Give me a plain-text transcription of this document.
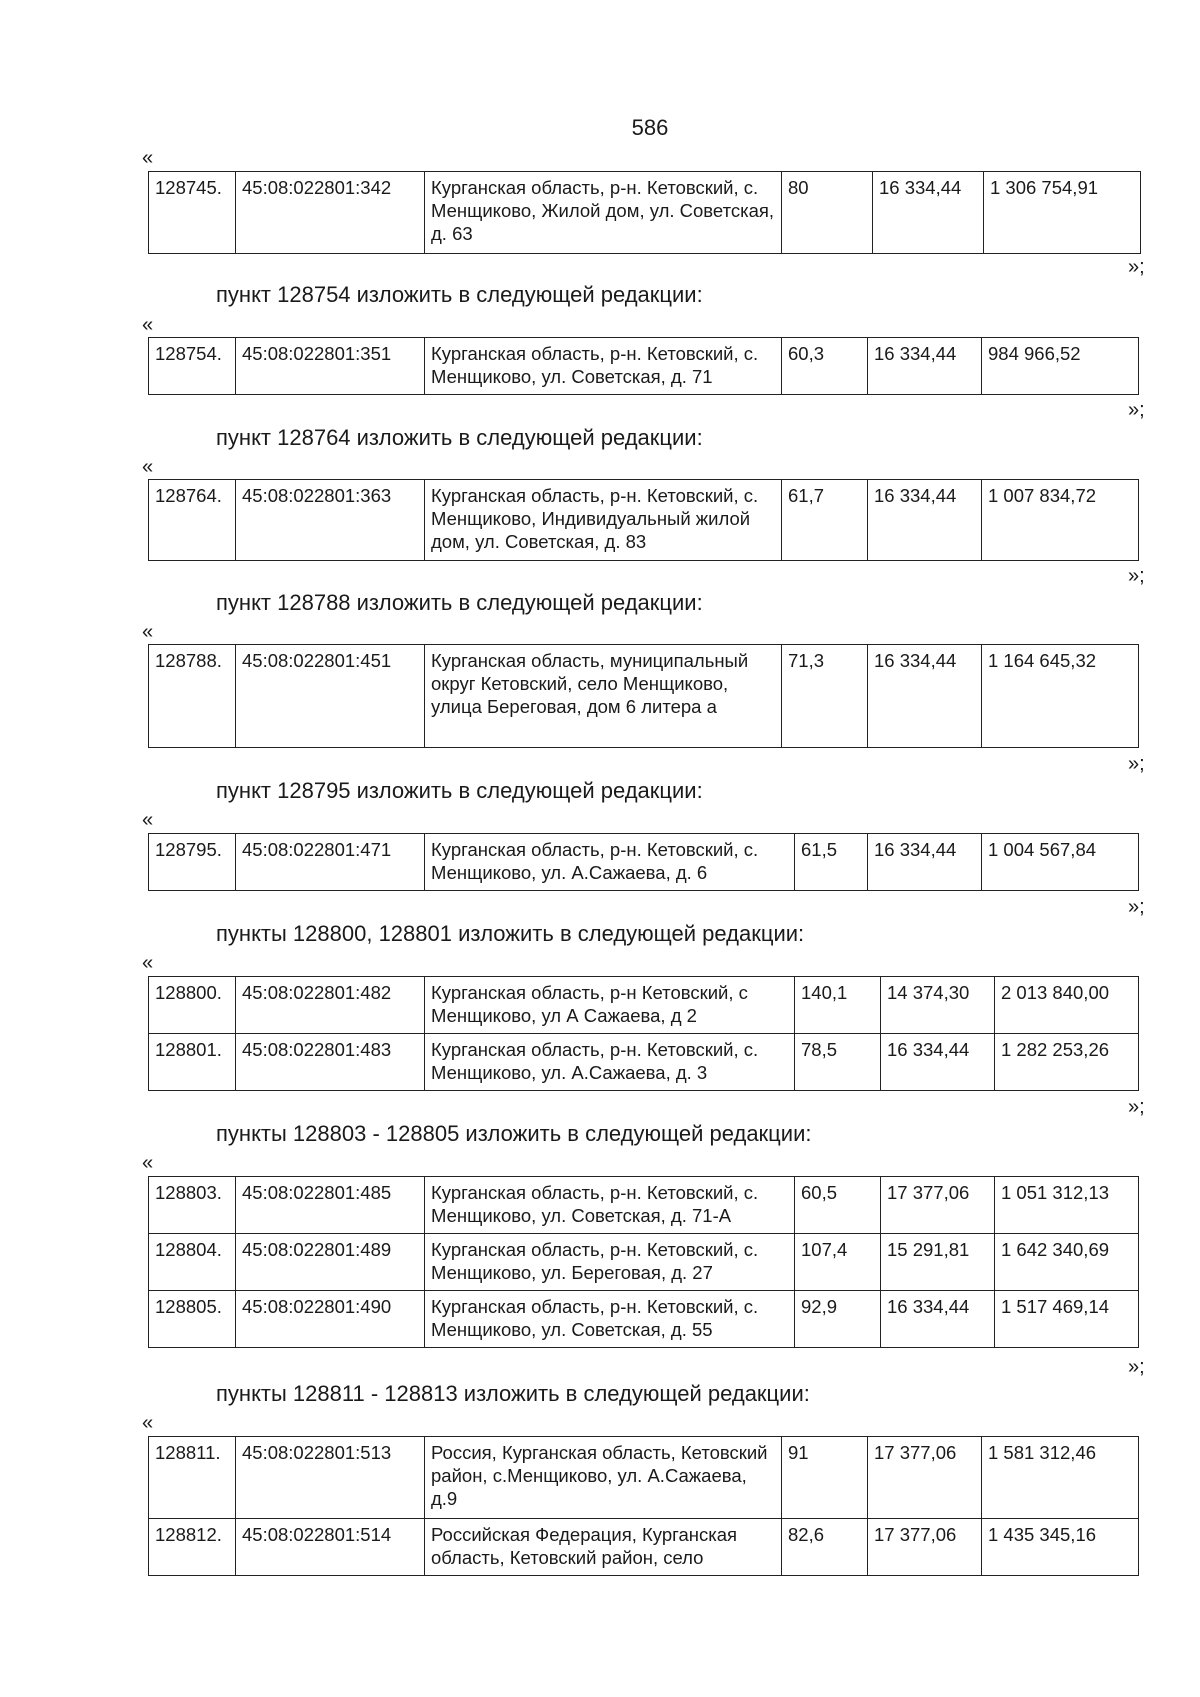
586
«
128745.	45:08:022801:342	Курганская область, р-н. Кетовский, с. Менщиково, Жилой дом, ул. Советская, д. 63	80	16 334,44	1 306 754,91
»;
пункт 128754 изложить в следующей редакции:
«
128754.	45:08:022801:351	Курганская область, р-н. Кетовский, с. Менщиково, ул. Советская, д. 71	60,3	16 334,44	984 966,52
»;
пункт 128764 изложить в следующей редакции:
«
128764.	45:08:022801:363	Курганская область, р-н. Кетовский, с. Менщиково, Индивидуальный жилой дом, ул. Советская, д. 83	61,7	16 334,44	1 007 834,72
»;
пункт 128788 изложить в следующей редакции:
«
128788.	45:08:022801:451	Курганская область, муниципальный округ Кетовский, село Менщиково, улица Береговая, дом 6 литера а	71,3	16 334,44	1 164 645,32
»;
пункт 128795 изложить в следующей редакции:
«
128795.	45:08:022801:471	Курганская область, р-н. Кетовский, с. Менщиково, ул. А.Сажаева, д. 6	61,5	16 334,44	1 004 567,84
»;
пункты 128800, 128801 изложить в следующей редакции:
«
128800.	45:08:022801:482	Курганская область, р-н Кетовский, с Менщиково, ул А Сажаева, д 2	140,1	14 374,30	2 013 840,00
128801.	45:08:022801:483	Курганская область, р-н. Кетовский, с. Менщиково, ул. А.Сажаева, д. 3	78,5	16 334,44	1 282 253,26
»;
пункты 128803 - 128805 изложить в следующей редакции:
«
128803.	45:08:022801:485	Курганская область, р-н. Кетовский, с. Менщиково, ул. Советская, д. 71-А	60,5	17 377,06	1 051 312,13
128804.	45:08:022801:489	Курганская область, р-н. Кетовский, с. Менщиково, ул. Береговая, д. 27	107,4	15 291,81	1 642 340,69
128805.	45:08:022801:490	Курганская область, р-н. Кетовский, с. Менщиково, ул. Советская, д. 55	92,9	16 334,44	1 517 469,14
»;
пункты 128811 - 128813 изложить в следующей редакции:
«
128811.	45:08:022801:513	Россия, Курганская область, Кетовский район, с.Менщиково, ул. А.Сажаева, д.9	91	17 377,06	1 581 312,46
128812.	45:08:022801:514	Российская Федерация, Курганская область, Кетовский район, село	82,6	17 377,06	1 435 345,16
